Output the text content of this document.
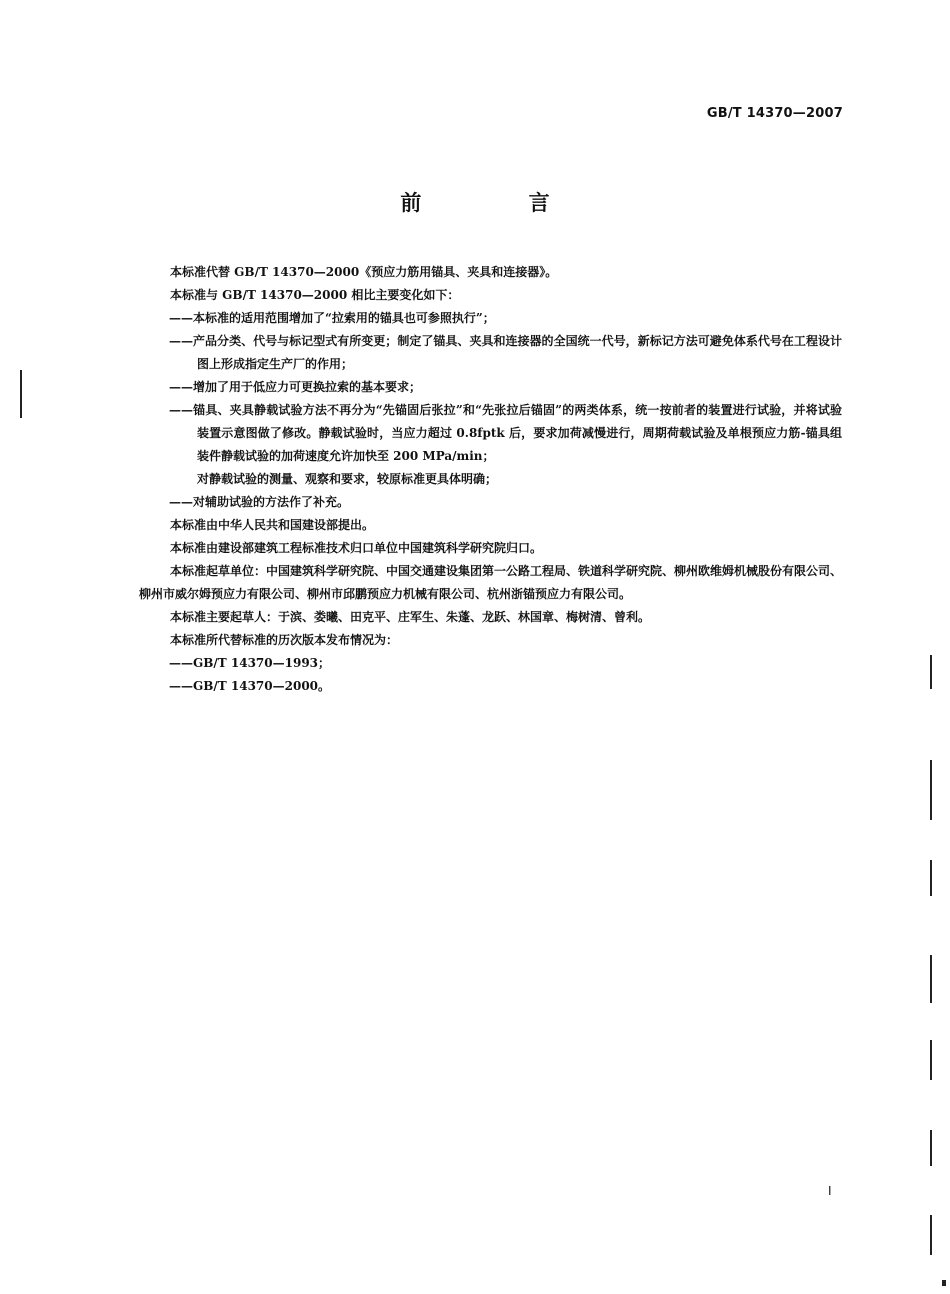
GB/T 14370—2007
前 言

本标准代替 GB/T 14370—2000《预应力筋用锚具、夹具和连接器》。

本标准与 GB/T 14370—2000 相比主要变化如下：

——本标准的适用范围增加了“拉索用的锚具也可参照执行”；

——产品分类、代号与标记型式有所变更；制定了锚具、夹具和连接器的全国统一代号，新标记方法可避免体系代号在工程设计图上形成指定生产厂的作用；

——增加了用于低应力可更换拉索的基本要求；

——锚具、夹具静载试验方法不再分为“先锚固后张拉”和“先张拉后锚固”的两类体系，统一按前者的装置进行试验，并将试验装置示意图做了修改。静载试验时，当应力超过 0.8fptk 后，要求加荷减慢进行，周期荷载试验及单根预应力筋-锚具组装件静载试验的加荷速度允许加快至 200 MPa/min；

对静载试验的测量、观察和要求，较原标准更具体明确；

——对辅助试验的方法作了补充。

本标准由中华人民共和国建设部提出。

本标准由建设部建筑工程标准技术归口单位中国建筑科学研究院归口。

本标准起草单位：中国建筑科学研究院、中国交通建设集团第一公路工程局、铁道科学研究院、柳州欧维姆机械股份有限公司、柳州市威尔姆预应力有限公司、柳州市邱鹏预应力机械有限公司、杭州浙锚预应力有限公司。

本标准主要起草人：于滨、娄曦、田克平、庄军生、朱蓬、龙跃、林国章、梅树清、曾利。

本标准所代替标准的历次版本发布情况为：

——GB/T 14370—1993；

——GB/T 14370—2000。

I
